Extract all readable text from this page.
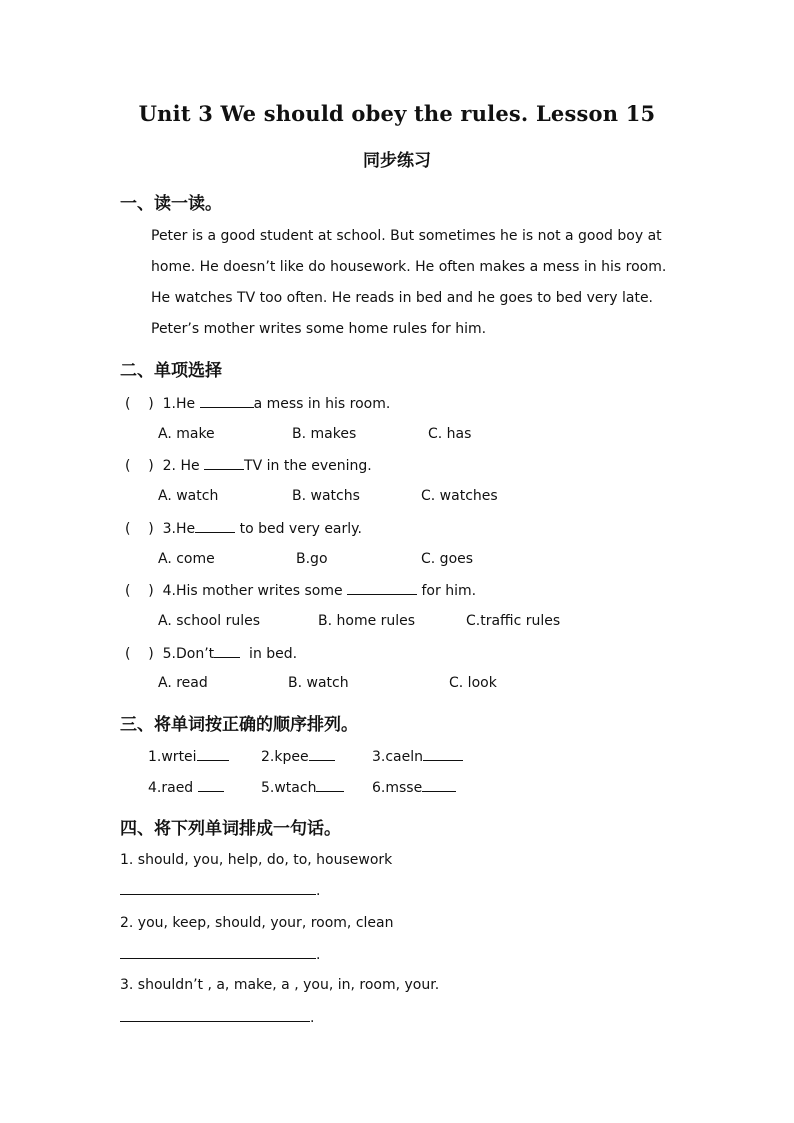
Unit 3 We should obey the rules. Lesson 15
同步练习
一、读一读。
Peter is a good student at school. But sometimes he is not a good boy at
home. He doesn’t like do housework. He often makes a mess in his room.
He watches TV too often. He reads in bed and he goes to bed very late.
Peter’s mother writes some home rules for him.
二、单项选择
(    ) 1.He	a mess in his room.
A. make	B. makes	C. has
(    ) 2. He	TV in the evening.
A. watch	B. watchs	C. watches
(    ) 3.He	to bed very early.
A. come	B.go	C. goes
(    ) 4.His mother writes some	for him.
A. school rules	B. home rules	C.traffic rules
(    ) 5.Don’t  in bed.
A. read	B. watch	C. look
三、将单词按正确的顺序排列。
1.wrtei	2.kpee	3.caeln
4.raed	5.wtach	6.msse
四、将下列单词排成一句话。
1. should, you, help, do, to, housework
.
2. you, keep, should, your, room, clean
.
3. shouldn’t , a, make, a , you, in, room, your.
.
